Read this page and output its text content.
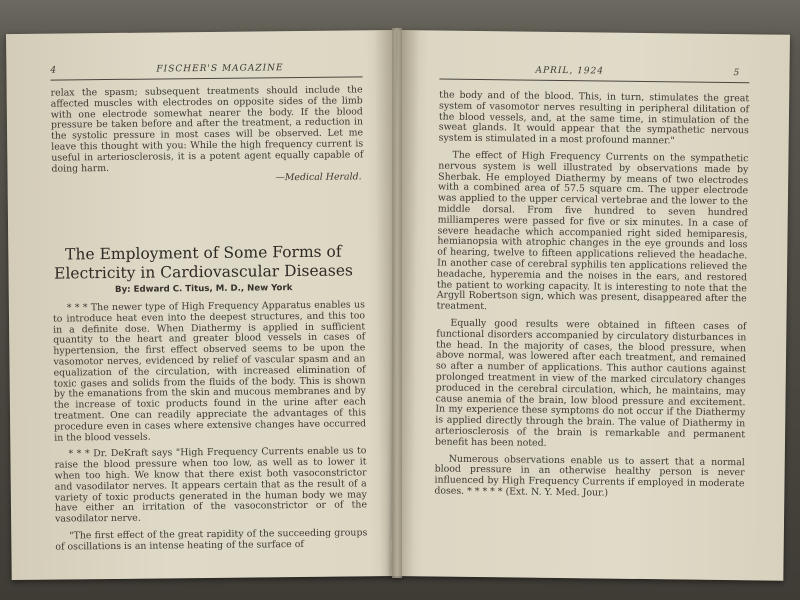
4	FISCHER'S MAGAZINE

relax the spasm; subsequent treatments should include the affected muscles with electrodes on opposite sides of the limb with one electrode somewhat nearer the body. If the blood pressure be taken before and after the treatment, a reduction in the systolic pressure in most cases will be observed. Let me leave this thought with you: While the high frequency current is useful in arteriosclerosis, it is a potent agent equally capable of doing harm.

—Medical Herald.
The Employment of Some Forms of Electricity in Cardiovascular Diseases
By: Edward C. Titus, M. D., New York

* * * The newer type of High Frequency Apparatus enables us to introduce heat even into the deepest structures, and this too in a definite dose. When Diathermy is applied in sufficient quantity to the heart and greater blood vessels in cases of hypertension, the first effect observed seems to be upon the vasomotor nerves, evidenced by relief of vascular spasm and an equalization of the circulation, with increased elimination of toxic gases and solids from the fluids of the body. This is shown by the emanations from the skin and mucous membranes and by the increase of toxic products found in the urine after each treatment. One can readily appreciate the advantages of this procedure even in cases where extensive changes have occurred in the blood vessels.

* * * Dr. DeKraft says "High Frequency Currents enable us to raise the blood pressure when too low, as well as to lower it when too high. We know that there exist both vasoconstrictor and vasodilator nerves. It appears certain that as the result of a variety of toxic products generated in the human body we may have either an irritation of the vasoconstrictor or of the vasodilator nerve.

"The first effect of the great rapidity of the succeeding groups of oscillations is an intense heating of the surface of

APRIL, 1924	5

the body and of the blood. This, in turn, stimulates the great system of vasomotor nerves resulting in peripheral dilitation of the blood vessels, and, at the same time, in stimulation of the sweat glands. It would appear that the sympathetic nervous system is stimulated in a most profound manner."

The effect of High Frequency Currents on the sympathetic nervous system is well illustrated by observations made by Sherbak. He employed Diathermy by means of two electrodes with a combined area of 57.5 square cm. The upper electrode was applied to the upper cervical vertebrae and the lower to the middle dorsal. From five hundred to seven hundred milliamperes were passed for five or six minutes. In a case of severe headache which accompanied right sided hemiparesis, hemianopsia with atrophic changes in the eye grounds and loss of hearing, twelve to fifteen applications relieved the headache. In another case of cerebral syphilis ten applications relieved the headache, hyperemia and the noises in the ears, and restored the patient to working capacity. It is interesting to note that the Argyll Robertson sign, which was present, disappeared after the treatment.

Equally good results were obtained in fifteen cases of functional disorders accompanied by circulatory disturbances in the head. In the majority of cases, the blood pressure, when above normal, was lowered after each treatment, and remained so after a number of applications. This author cautions against prolonged treatment in view of the marked circulatory changes produced in the cerebral circulation, which, he maintains, may cause anemia of the brain, low blood pressure and excitement. In my experience these symptoms do not occur if the Diathermy is applied directly through the brain. The value of Diathermy in arteriosclerosis of the brain is remarkable and permanent benefit has been noted.

Numerous observations enable us to assert that a normal blood pressure in an otherwise healthy person is never influenced by High Frequency Currents if employed in moderate doses. * * * * * (Ext. N. Y. Med. Jour.)
